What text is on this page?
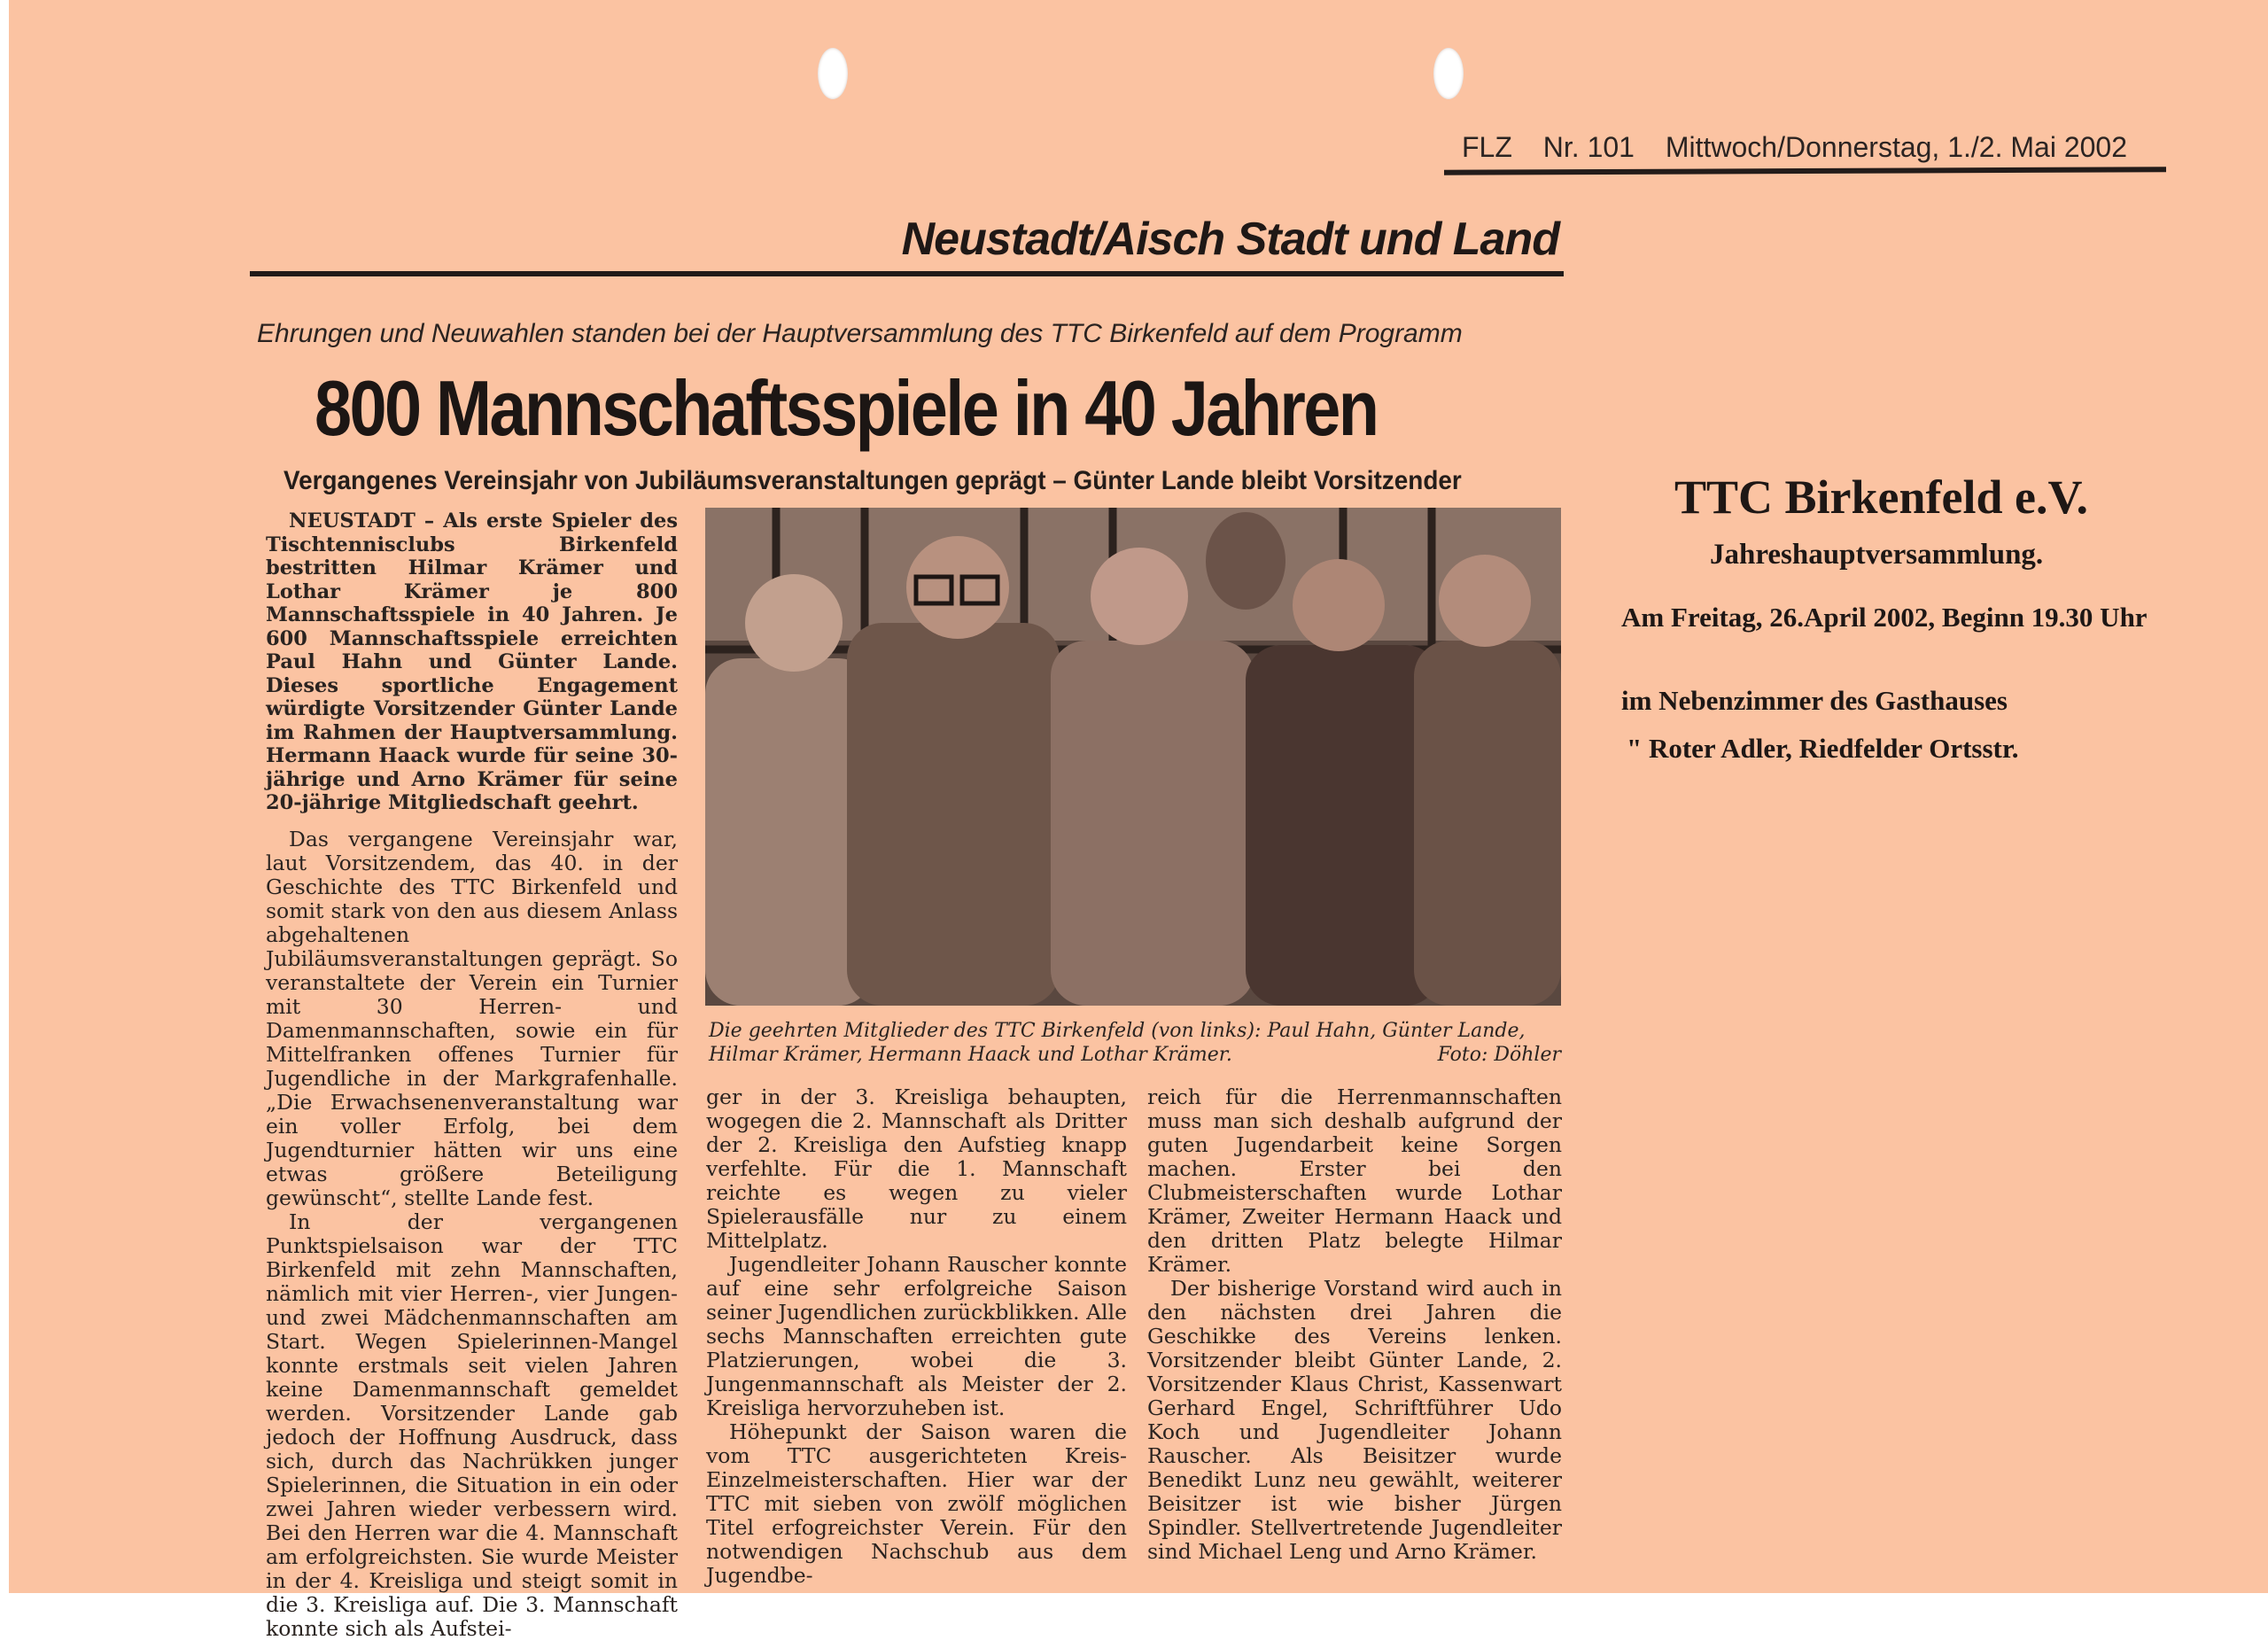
FLZ Nr. 101 Mittwoch/Donnerstag, 1./2. Mai 2002
Neustadt/Aisch Stadt und Land
Ehrungen und Neuwahlen standen bei der Hauptversammlung des TTC Birkenfeld auf dem Programm
800 Mannschaftsspiele in 40 Jahren
Vergangenes Vereinsjahr von Jubiläumsveranstaltungen geprägt – Günter Lande bleibt Vorsitzender

NEUSTADT – Als erste Spieler des Tischtennisclubs Birkenfeld bestritten Hilmar Krämer und Lothar Krämer je 800 Mannschaftsspiele in 40 Jahren. Je 600 Mannschaftsspiele erreichten Paul Hahn und Günter Lande. Dieses sportliche Engagement würdigte Vorsitzender Günter Lande im Rahmen der Hauptversammlung. Hermann Haack wurde für seine 30-jährige und Arno Krämer für seine 20-jährige Mitgliedschaft geehrt.

Das vergangene Vereinsjahr war, laut Vorsitzendem, das 40. in der Geschichte des TTC Birkenfeld und somit stark von den aus diesem Anlass abgehaltenen Jubiläumsveranstaltungen geprägt. So veranstaltete der Verein ein Turnier mit 30 Herren- und Damenmannschaften, sowie ein für Mittelfranken offenes Turnier für Jugendliche in der Markgrafenhalle. „Die Erwachsenenveranstaltung war ein voller Erfolg, bei dem Jugendturnier hätten wir uns eine etwas größere Beteiligung gewünscht“, stellte Lande fest.

In der vergangenen Punktspielsaison war der TTC Birkenfeld mit zehn Mannschaften, nämlich mit vier Herren-, vier Jungen- und zwei Mädchenmannschaften am Start. Wegen Spielerinnen-Mangel konnte erstmals seit vielen Jahren keine Damenmannschaft gemeldet werden. Vorsitzender Lande gab jedoch der Hoffnung Ausdruck, dass sich, durch das Nachrükken junger Spielerinnen, die Situation in ein oder zwei Jahren wieder verbessern wird. Bei den Herren war die 4. Mannschaft am erfolgreichsten. Sie wurde Meister in der 4. Kreisliga und steigt somit in die 3. Kreisliga auf. Die 3. Mannschaft konnte sich als Aufstei-

Die geehrten Mitglieder des TTC Birkenfeld (von links): Paul Hahn, Günter Lande, Hilmar Krämer, Hermann Haack und Lothar Krämer.	Foto: Döhler

ger in der 3. Kreisliga behaupten, wogegen die 2. Mannschaft als Dritter der 2. Kreisliga den Aufstieg knapp verfehlte. Für die 1. Mannschaft reichte es wegen zu vieler Spielerausfälle nur zu einem Mittelplatz.

Jugendleiter Johann Rauscher konnte auf eine sehr erfolgreiche Saison seiner Jugendlichen zurückblikken. Alle sechs Mannschaften erreichten gute Platzierungen, wobei die 3. Jungenmannschaft als Meister der 2. Kreisliga hervorzuheben ist.

Höhepunkt der Saison waren die vom TTC ausgerichteten Kreis-Einzelmeisterschaften. Hier war der TTC mit sieben von zwölf möglichen Titel erfogreichster Verein. Für den notwendigen Nachschub aus dem Jugendbe-

reich für die Herrenmannschaften muss man sich deshalb aufgrund der guten Jugendarbeit keine Sorgen machen. Erster bei den Clubmeisterschaften wurde Lothar Krämer, Zweiter Hermann Haack und den dritten Platz belegte Hilmar Krämer.

Der bisherige Vorstand wird auch in den nächsten drei Jahren die Geschikke des Vereins lenken. Vorsitzender bleibt Günter Lande, 2. Vorsitzender Klaus Christ, Kassenwart Gerhard Engel, Schriftführer Udo Koch und Jugendleiter Johann Rauscher. Als Beisitzer wurde Benedikt Lunz neu gewählt, weiterer Beisitzer ist wie bisher Jürgen Spindler. Stellvertretende Jugendleiter sind Michael Leng und Arno Krämer.

TTC Birkenfeld e.V.
Jahreshauptversammlung.
Am Freitag, 26.April 2002, Beginn 19.30 Uhr
im Nebenzimmer des Gasthauses
" Roter Adler, Riedfelder Ortsstr.
